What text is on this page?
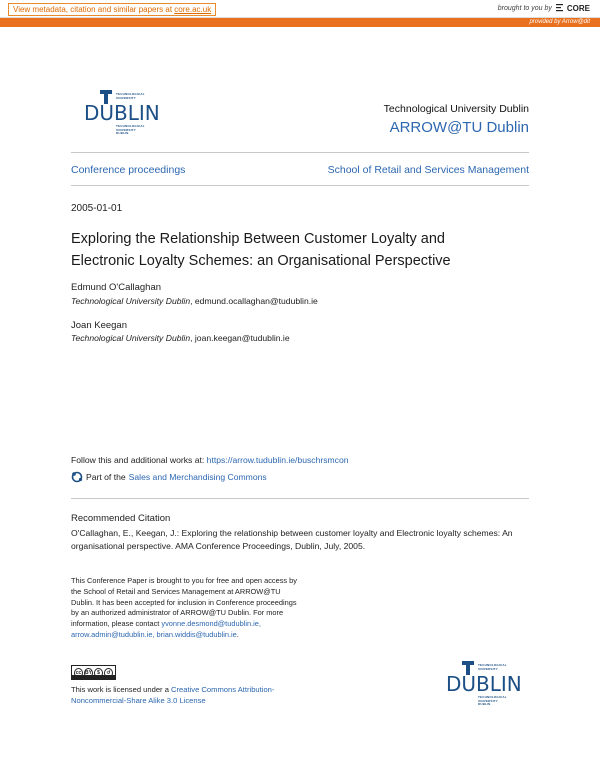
View metadata, citation and similar papers at core.ac.uk	brought to you by CORE
provided by Arrow@dit
TECHNOLOGICAL UNIVERSITY
DUBLIN
TECHNOLOGICAL UNIVERSITY DUBLIN
Technological University Dublin
ARROW@TU Dublin
Conference proceedings	School of Retail and Services Management
2005-01-01
Exploring the Relationship Between Customer Loyalty and Electronic Loyalty Schemes: an Organisational Perspective
Edmund O'Callaghan
Technological University Dublin, edmund.ocallaghan@tudublin.ie
Joan Keegan
Technological University Dublin, joan.keegan@tudublin.ie
Follow this and additional works at: https://arrow.tudublin.ie/buschrsmcon
Part of the Sales and Merchandising Commons
Recommended Citation
O'Callaghan, E., Keegan, J.: Exploring the relationship between customer loyalty and Electronic loyalty schemes: An organisational perspective. AMA Conference Proceedings, Dublin, July, 2005.
This Conference Paper is brought to you for free and open access by the School of Retail and Services Management at ARROW@TU Dublin. It has been accepted for inclusion in Conference proceedings by an authorized administrator of ARROW@TU Dublin. For more information, please contact yvonne.desmond@tudublin.ie, arrow.admin@tudublin.ie, brian.widdis@tudublin.ie.
cc BY	$	↺
This work is licensed under a Creative Commons Attribution-Noncommercial-Share Alike 3.0 License
TECHNOLOGICAL UNIVERSITY
DUBLIN
TECHNOLOGICAL UNIVERSITY DUBLIN
